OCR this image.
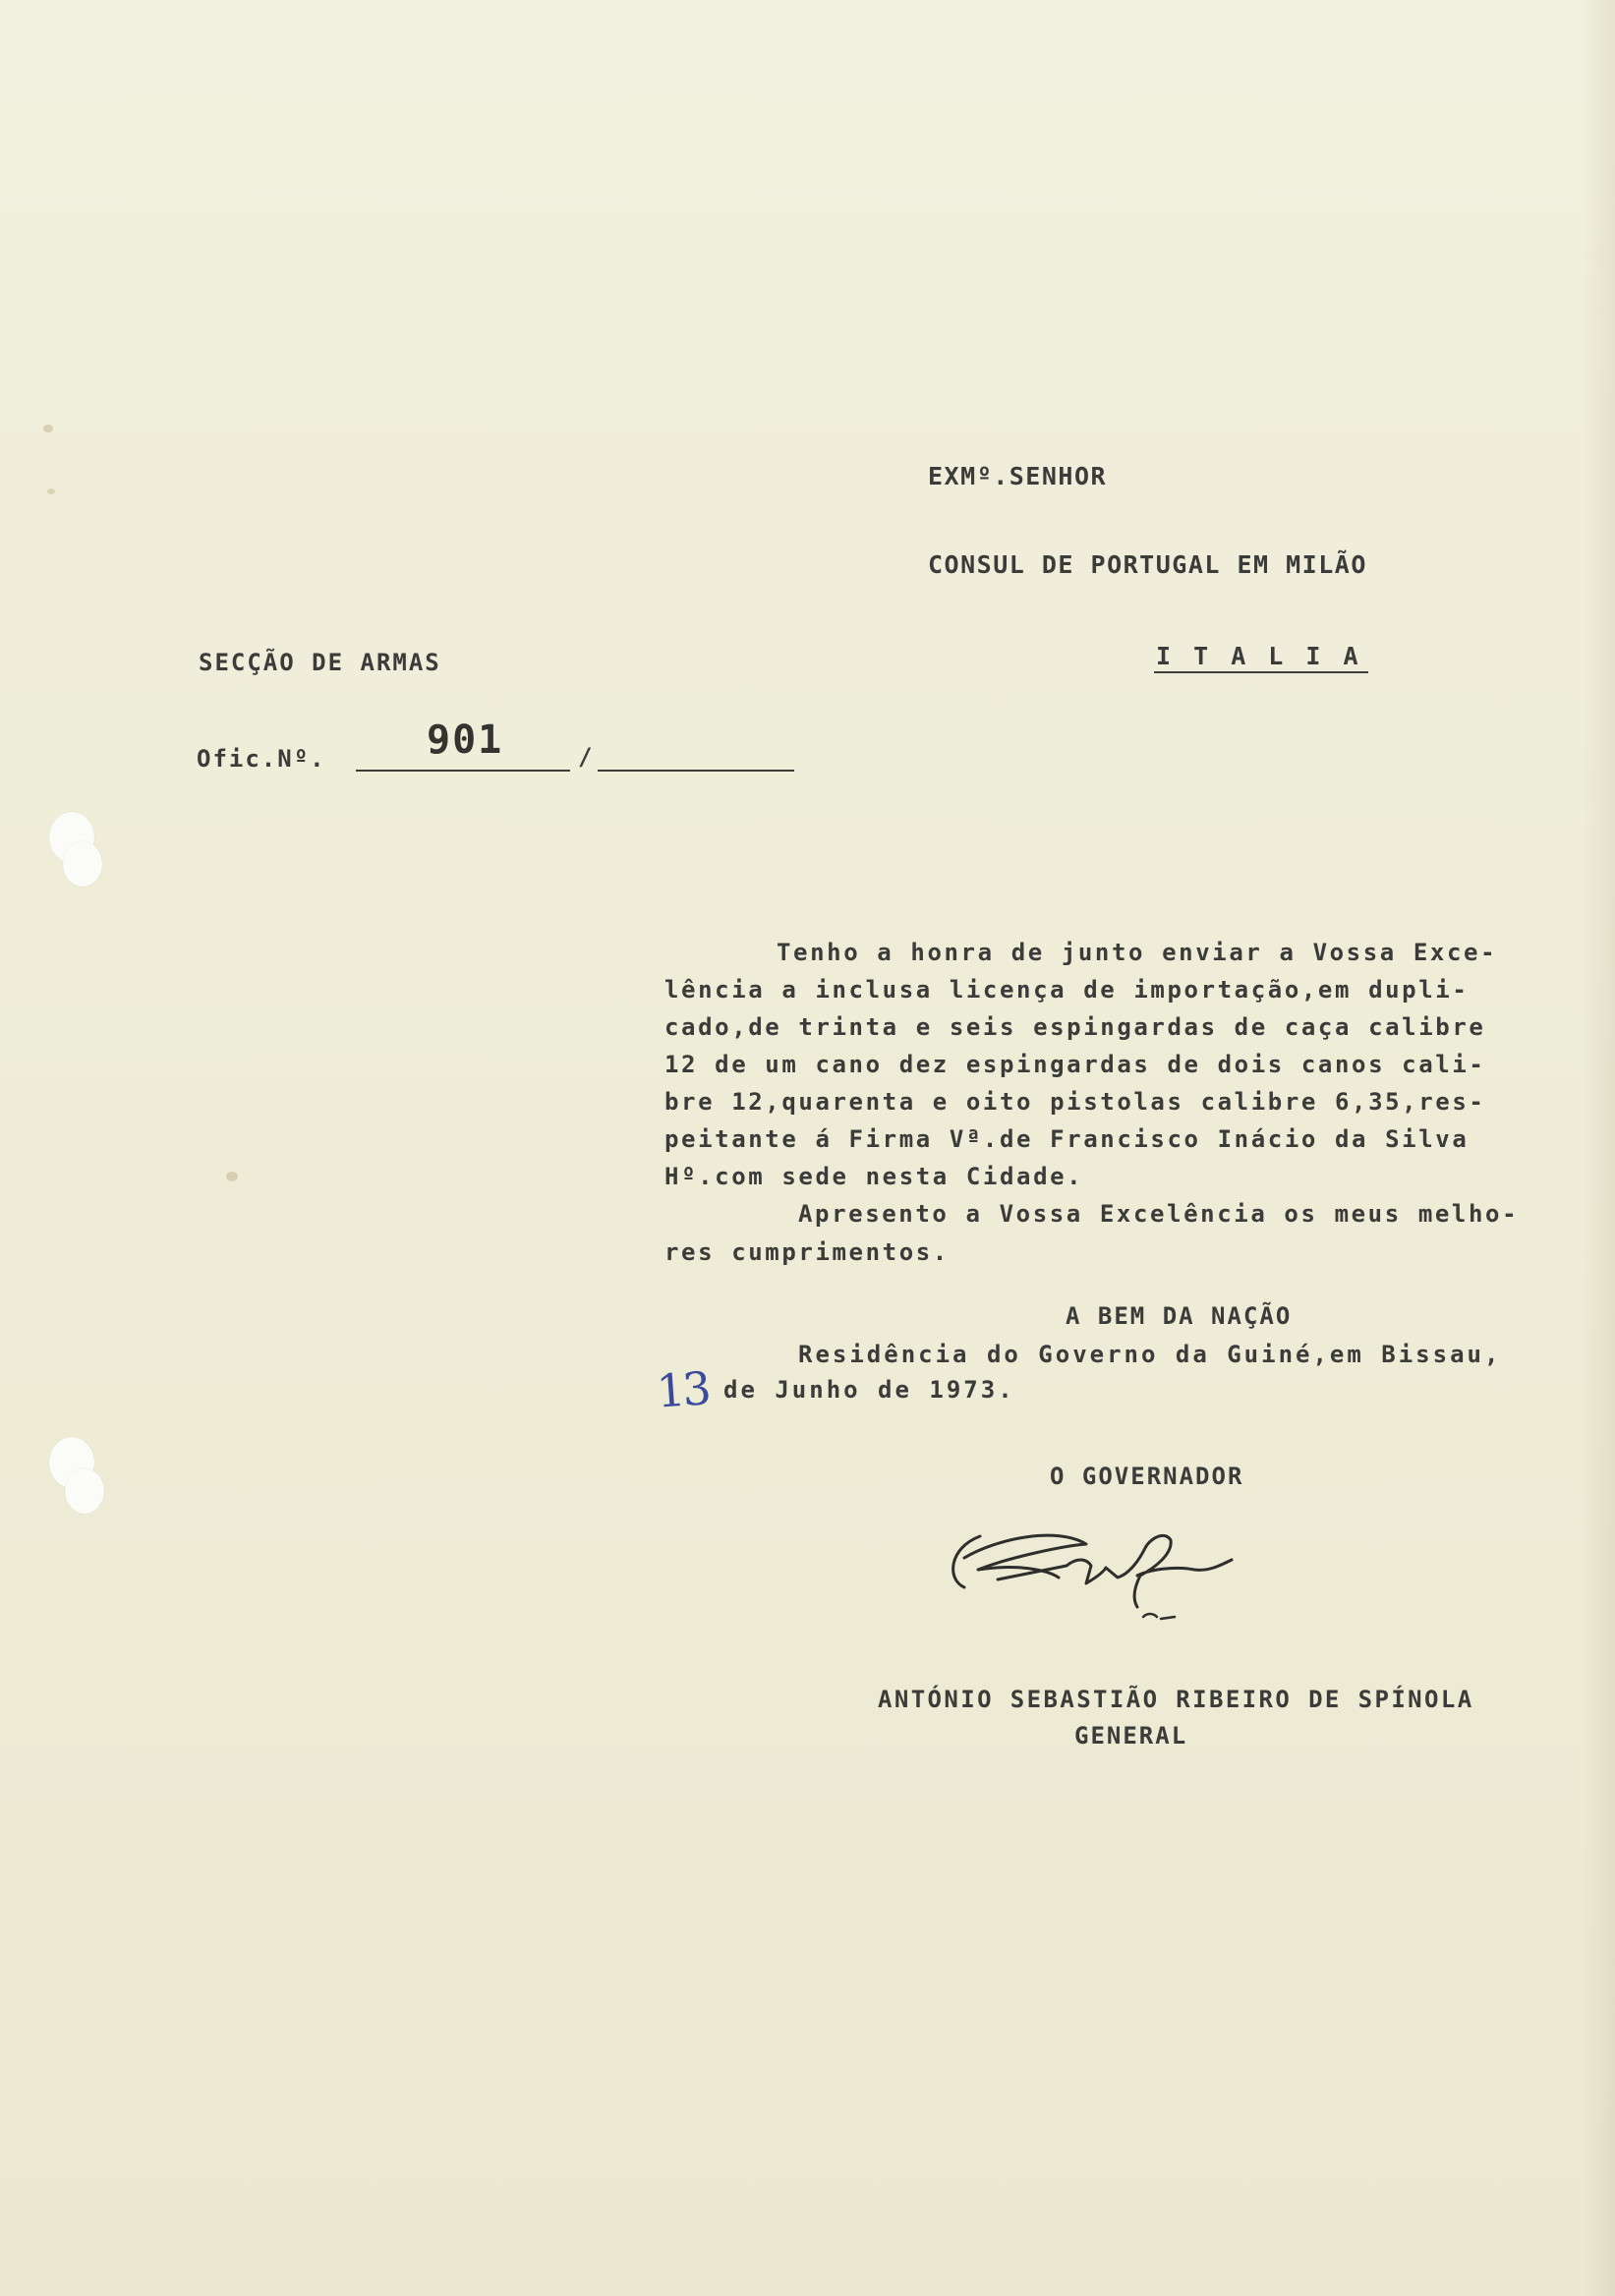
EXMº.SENHOR
CONSUL DE PORTUGAL EM MILÃO
I T A L I A
SECÇÃO DE ARMAS
Ofic.Nº.	901	/
Tenho a honra de junto enviar a Vossa Exce-
lência a inclusa licença de importação,em dupli-
cado,de trinta e seis espingardas de caça calibre
12 de um cano dez espingardas de dois canos cali-
bre 12,quarenta e oito pistolas calibre 6,35,res-
peitante á Firma Vª.de Francisco Inácio da Silva
Hº.com sede nesta Cidade.
Apresento a Vossa Excelência os meus melho-
res cumprimentos.
A BEM DA NAÇÃO
Residência do Governo da Guiné,em Bissau,
13 de Junho de 1973.
O GOVERNADOR
ANTÓNIO SEBASTIÃO RIBEIRO DE SPÍNOLA
GENERAL
